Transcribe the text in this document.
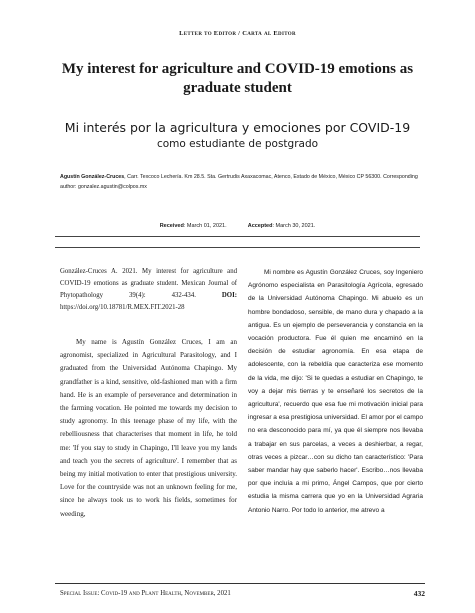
Letter to Editor / Carta al Editor
My interest for agriculture and COVID-19 emotions as graduate student
Mi interés por la agricultura y emociones por COVID-19
como estudiante de postgrado
Agustín González-Cruces, Carr. Texcoco Lechería. Km 28.5. Sta. Gertrudis Axaxacomac, Atenco, Estado de México, México CP 56300. Corresponding author: gonzalez.agustin@colpos.mx
Received: March 01, 2021.	Accepted: March 30, 2021.

González-Cruces A. 2021. My interest for agriculture and COVID-19 emotions as graduate student. Mexican Journal of Phytopathology 39(4): 432-434.	DOI: https://doi.org/10.18781/R.MEX.FIT.2021-28

My name is Agustín González Cruces, I am an agronomist, specialized in Agricultural Parasitology, and I graduated from the Universidad Autónoma Chapingo. My grandfather is a kind, sensitive, old-fashioned man with a firm hand. He is an example of perseverance and determination in the farming vocation. He pointed me towards my decision to study agronomy. In this teenage phase of my life, with the rebelliousness that characterises that moment in life, he told me: 'If you stay to study in Chapingo, I'll leave you my lands and teach you the secrets of agriculture'. I remember that as being my initial motivation to enter that prestigious university. Love for the countryside was not an unknown feeling for me, since he always took us to work his fields, sometimes for weeding,

Mi nombre es Agustín González Cruces, soy Ingeniero Agrónomo especialista en Parasitología Agrícola, egresado de la Universidad Autónoma Chapingo. Mi abuelo es un hombre bondadoso, sensible, de mano dura y chapado a la antigua. Es un ejemplo de perseverancia y constancia en la vocación productora. Fue él quien me encaminó en la decisión de estudiar agronomía. En esa etapa de adolescente, con la rebeldía que caracteriza ese momento de la vida, me dijo: 'Si te quedas a estudiar en Chapingo, te voy a dejar mis tierras y te enseñaré los secretos de la agricultura', recuerdo que esa fue mi motivación inicial para ingresar a esa prestigiosa universidad. El amor por el campo no era desconocido para mí, ya que él siempre nos llevaba a trabajar en sus parcelas, a veces a deshierbar, a regar, otras veces a pizcar…con su dicho tan característico: 'Para saber mandar hay que saberlo hacer'. Escribo…nos llevaba por que incluía a mi primo, Ángel Campos, que por cierto estudia la misma carrera que yo en la Universidad Agraria Antonio Narro. Por todo lo anterior, me atrevo a

Special Issue: Covid-19 and Plant Health, November, 2021	432
